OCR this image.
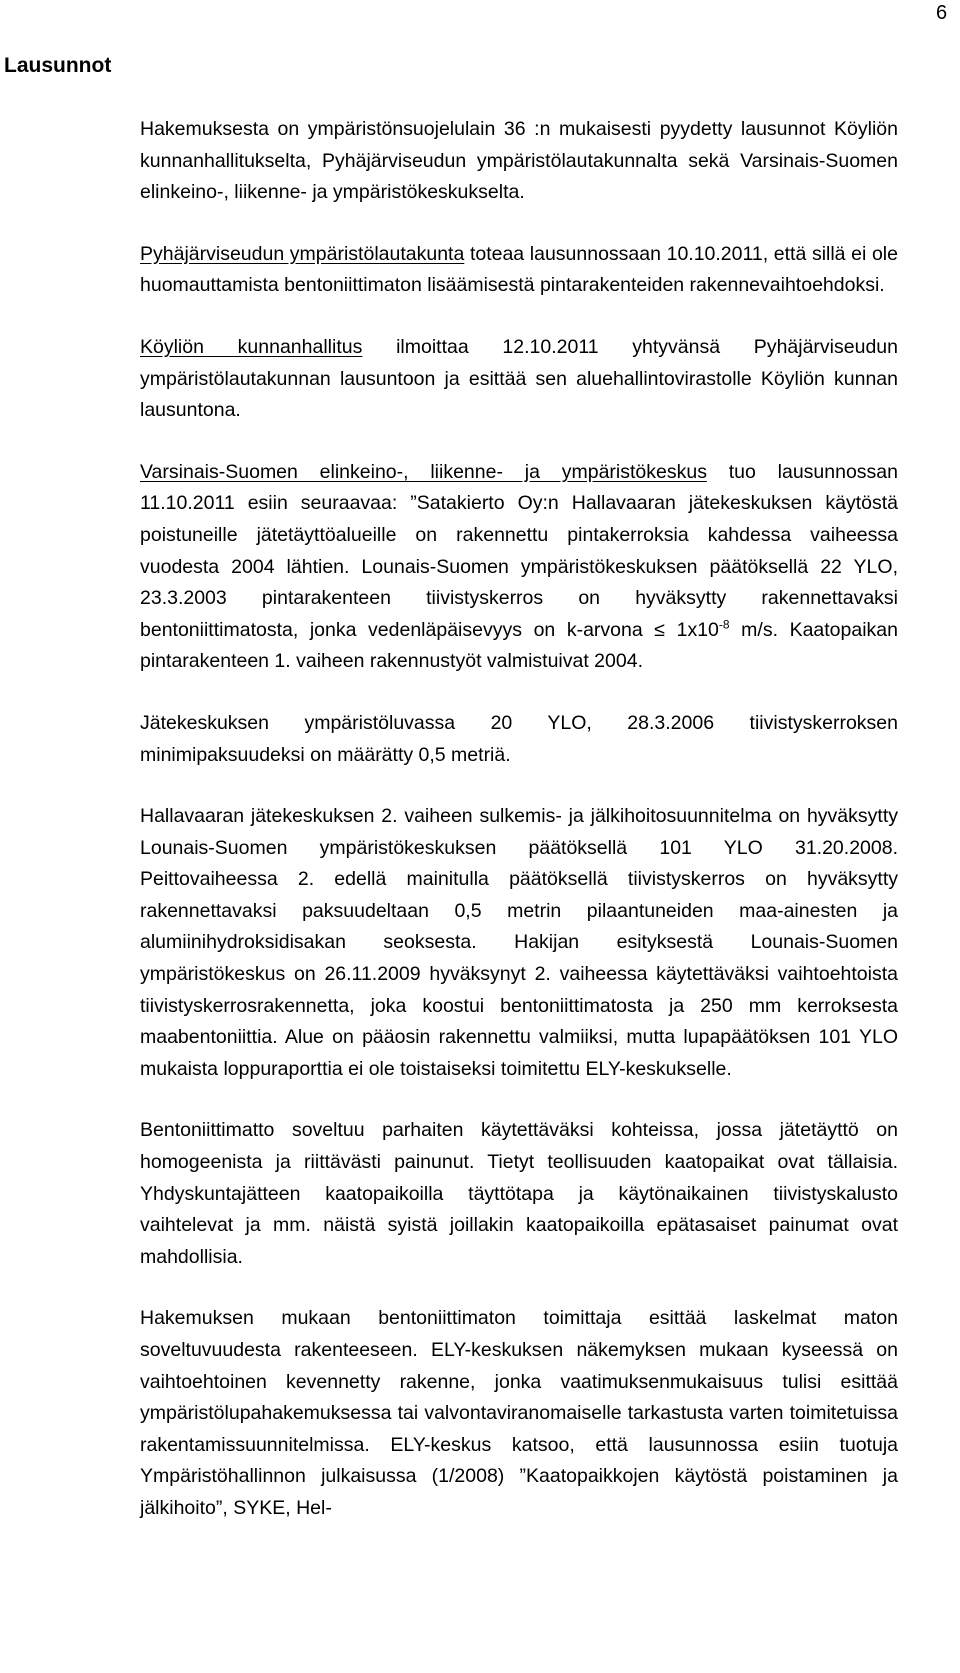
6
Lausunnot

Hakemuksesta on ympäristönsuojelulain 36 :n mukaisesti pyydetty lausunnot Köyliön kunnanhallitukselta, Pyhäjärviseudun ympäristölautakunnalta sekä Varsinais-Suomen elinkeino-, liikenne- ja ympäristökeskukselta.

Pyhäjärviseudun ympäristölautakunta toteaa lausunnossaan 10.10.2011, että sillä ei ole huomauttamista bentoniittimaton lisäämisestä pintarakenteiden rakennevaihtoehdoksi.

Köyliön kunnanhallitus ilmoittaa 12.10.2011 yhtyvänsä Pyhäjärviseudun ympäristölautakunnan lausuntoon ja esittää sen aluehallintovirastolle Köyliön kunnan lausuntona.

Varsinais-Suomen elinkeino-, liikenne- ja ympäristökeskus tuo lausunnossan 11.10.2011 esiin seuraavaa: ”Satakierto Oy:n Hallavaaran jätekeskuksen käytöstä poistuneille jätetäyttöalueille on rakennettu pintakerroksia kahdessa vaiheessa vuodesta 2004 lähtien. Lounais-Suomen ympäristökeskuksen päätöksellä 22 YLO, 23.3.2003 pintarakenteen tiivistyskerros on hyväksytty rakennettavaksi bentoniittimatosta, jonka vedenläpäisevyys on k-arvona ≤ $1x10^{-8}$ m/s. Kaatopaikan pintarakenteen 1. vaiheen rakennustyöt valmistuivat 2004.

Jätekeskuksen ympäristöluvassa 20 YLO, 28.3.2006 tiivistyskerroksen minimipaksuudeksi on määrätty 0,5 metriä.

Hallavaaran jätekeskuksen 2. vaiheen sulkemis- ja jälkihoitosuunnitelma on hyväksytty Lounais-Suomen ympäristökeskuksen päätöksellä 101 YLO 31.20.2008. Peittovaiheessa 2. edellä mainitulla päätöksellä tiivistyskerros on hyväksytty rakennettavaksi paksuudeltaan 0,5 metrin pilaantuneiden maa-ainesten ja alumiinihydroksidisakan seoksesta. Hakijan esityksestä Lounais-Suomen ympäristökeskus on 26.11.2009 hyväksynyt 2. vaiheessa käytettäväksi vaihtoehtoista tiivistyskerrosrakennetta, joka koostui bentoniittimatosta ja 250 mm kerroksesta maabentoniittia. Alue on pääosin rakennettu valmiiksi, mutta lupapäätöksen 101 YLO mukaista loppuraporttia ei ole toistaiseksi toimitettu ELY-keskukselle.

Bentoniittimatto soveltuu parhaiten käytettäväksi kohteissa, jossa jätetäyttö on homogeenista ja riittävästi painunut. Tietyt teollisuuden kaatopaikat ovat tällaisia. Yhdyskuntajätteen kaatopaikoilla täyttötapa ja käytönaikainen tiivistyskalusto vaihtelevat ja mm. näistä syistä joillakin kaatopaikoilla epätasaiset painumat ovat mahdollisia.

Hakemuksen mukaan bentoniittimaton toimittaja esittää laskelmat maton soveltuvuudesta rakenteeseen. ELY-keskuksen näkemyksen mukaan kyseessä on vaihtoehtoinen kevennetty rakenne, jonka vaatimuksenmukaisuus tulisi esittää ympäristölupahakemuksessa tai valvontaviranomaiselle tarkastusta varten toimitetuissa rakentamissuunnitelmissa. ELY-keskus katsoo, että lausunnossa esiin tuotuja Ympäristöhallinnon julkaisussa (1/2008) ”Kaatopaikkojen käytöstä poistaminen ja jälkihoito”, SYKE, Hel-
